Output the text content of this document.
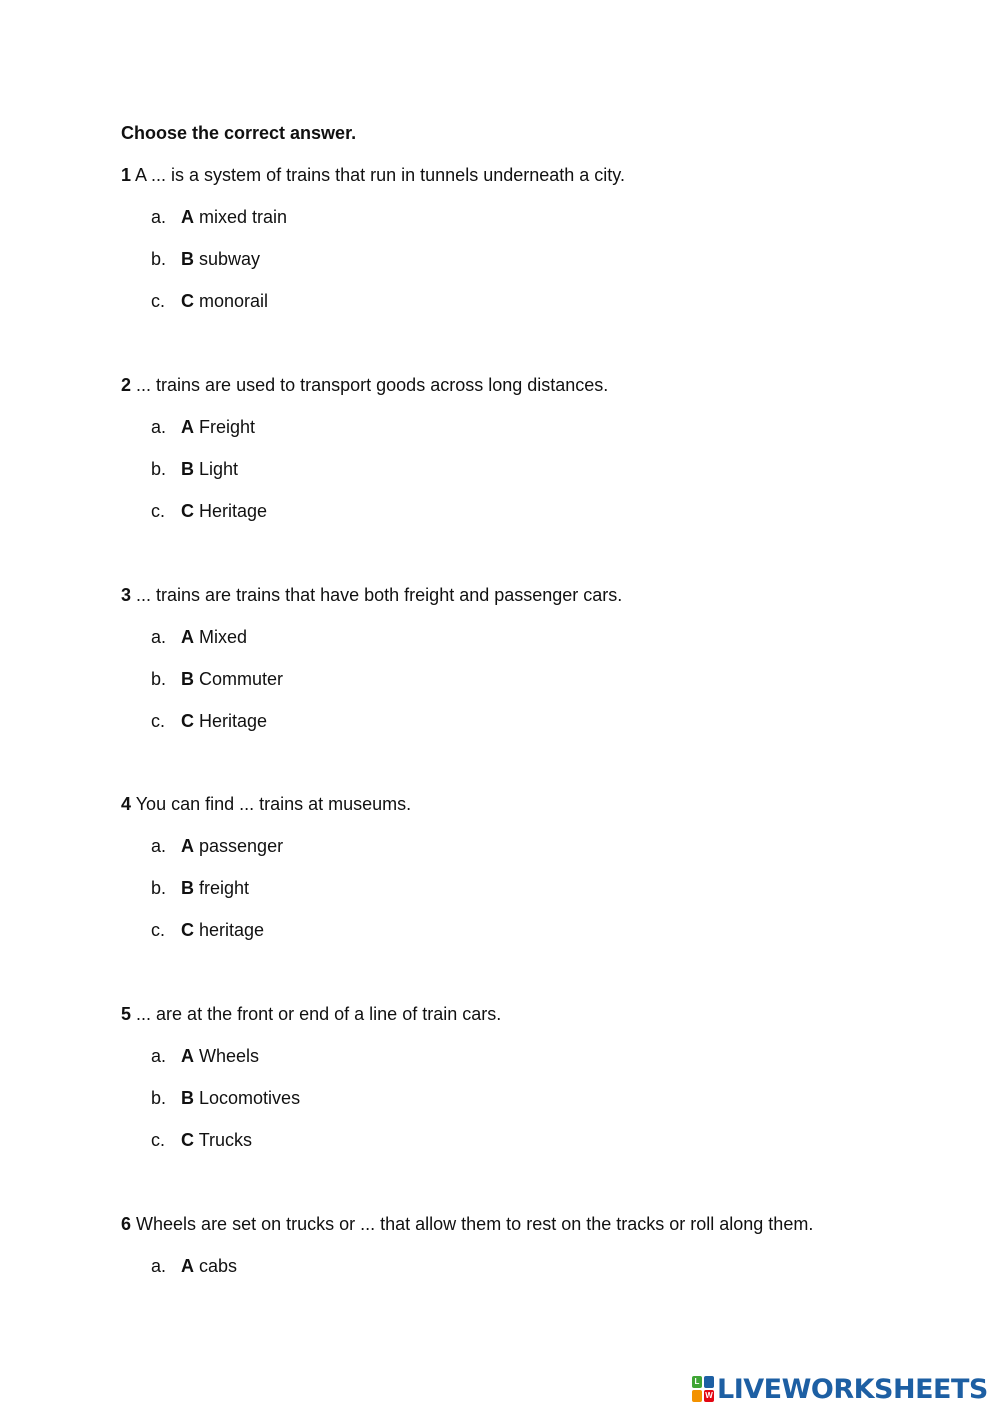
Choose the correct answer.

1 A ... is a system of trains that run in tunnels underneath a city.

a. A mixed train
b. B subway
c. C monorail

2 ... trains are used to transport goods across long distances.

a. A Freight
b. B Light
c. C Heritage

3 ... trains are trains that have both freight and passenger cars.

a. A Mixed
b. B Commuter
c. C Heritage

4 You can find ... trains at museums.

a. A passenger
b. B freight
c. C heritage

5 ... are at the front or end of a line of train cars.

a. A Wheels
b. B Locomotives
c. C Trucks

6 Wheels are set on trucks or ... that allow them to rest on the tracks or roll along them.

a. A cabs
L
W LIVEWORKSHEETS
